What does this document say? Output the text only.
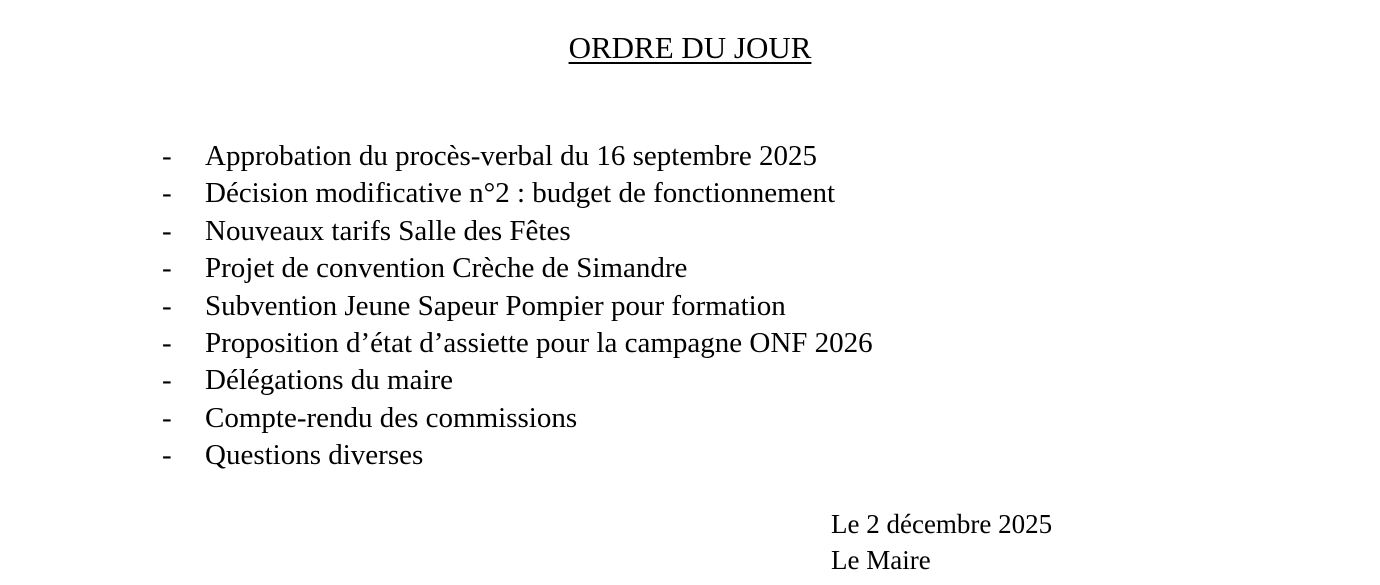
ORDRE DU JOUR
- Approbation du procès-verbal du 16 septembre 2025
- Décision modificative n°2 : budget de fonctionnement
- Nouveaux tarifs Salle des Fêtes
- Projet de convention Crèche de Simandre
- Subvention Jeune Sapeur Pompier pour formation
- Proposition d’état d’assiette pour la campagne ONF 2026
- Délégations du maire
- Compte-rendu des commissions
- Questions diverses
Le 2 décembre 2025
Le Maire
